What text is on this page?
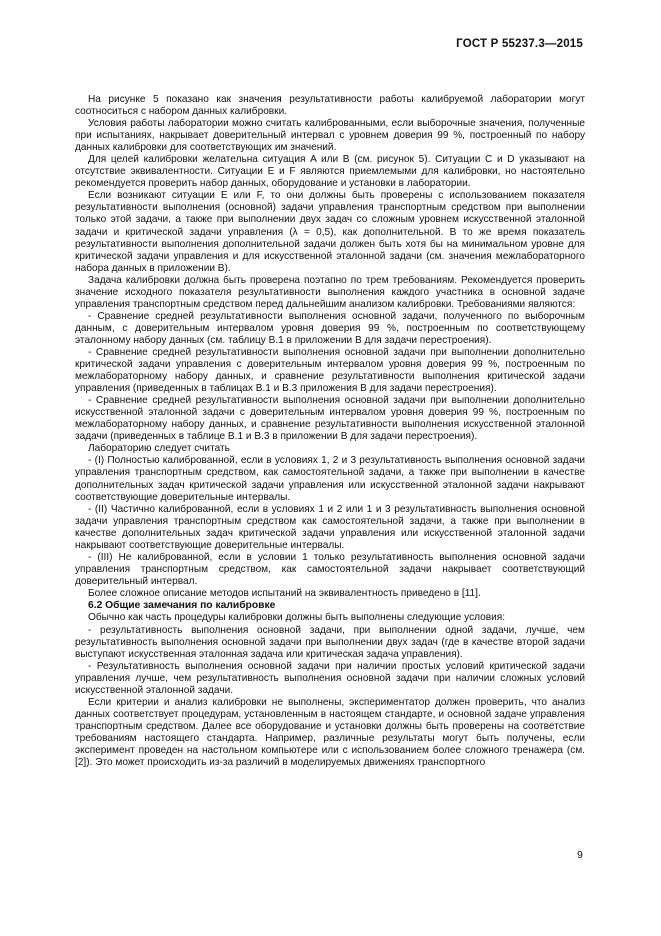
ГОСТ Р 55237.3—2015

На рисунке 5 показано как значения результативности работы калибруемой лаборатории могут соотноситься с набором данных калибровки.

Условия работы лаборатории можно считать калиброванными, если выборочные значения, полученные при испытаниях, накрывает доверительный интервал с уровнем доверия 99 %, построенный по набору данных калибровки для соответствующих им значений.

Для целей калибровки желательна ситуация A или B (см. рисунок 5). Ситуации C и D указывают на отсутствие эквивалентности. Ситуации E и F являются приемлемыми для калибровки, но настоятельно рекомендуется проверить набор данных, оборудование и установки в лаборатории.

Если возникают ситуации E или F, то они должны быть проверены с использованием показателя результативности выполнения (основной) задачи управления транспортным средством при выполнении только этой задачи, а также при выполнении двух задач со сложным уровнем искусственной эталонной задачи и критической задачи управления (λ = 0,5), как дополнительной. В то же время показатель результативности выполнения дополнительной задачи должен быть хотя бы на минимальном уровне для критической задачи управления и для искусственной эталонной задачи (см. значения межлабораторного набора данных в приложении B).

Задача калибровки должна быть проверена поэтапно по трем требованиям. Рекомендуется проверить значение исходного показателя результативности выполнения каждого участника в основной задаче управления транспортным средством перед дальнейшим анализом калибровки. Требованиями являются:

- Сравнение средней результативности выполнения основной задачи, полученного по выборочным данным, с доверительным интервалом уровня доверия 99 %, построенным по соответствующему эталонному набору данных (см. таблицу B.1 в приложении B для задачи перестроения).

- Сравнение средней результативности выполнения основной задачи при выполнении дополнительно критической задачи управления с доверительным интервалом уровня доверия 99 %, построенным по межлабораторному набору данных, и сравнение результативности выполнения критической задачи управления (приведенных в таблицах B.1 и B.3 приложения B для задачи перестроения).

- Сравнение средней результативности выполнения основной задачи при выполнении дополнительно искусственной эталонной задачи с доверительным интервалом уровня доверия 99 %, построенным по межлабораторному набору данных, и сравнение результативности выполнения искусственной эталонной задачи (приведенных в таблице B.1 и B.3 в приложении B для задачи перестроения).

Лабораторию следует считать

- (I) Полностью калиброванной, если в условиях 1, 2 и 3 результативность выполнения основной задачи управления транспортным средством, как самостоятельной задачи, а также при выполнении в качестве дополнительных задач критической задачи управления или искусственной эталонной задачи накрывают соответствующие доверительные интервалы.

- (II) Частично калиброванной, если в условиях 1 и 2 или 1 и 3 результативность выполнения основной задачи управления транспортным средством как самостоятельной задачи, а также при выполнении в качестве дополнительных задач критической задачи управления или искусственной эталонной задачи накрывают соответствующие доверительные интервалы.

- (III) Не калиброванной, если в условии 1 только результативность выполнения основной задачи управления транспортным средством, как самостоятельной задачи накрывает соответствующий доверительный интервал.

Более сложное описание методов испытаний на эквивалентность приведено в [11].

6.2 Общие замечания по калибровке

Обычно как часть процедуры калибровки должны быть выполнены следующие условия:

- результативность выполнения основной задачи, при выполнении одной задачи, лучше, чем результативность выполнения основной задачи при выполнении двух задач (где в качестве второй задачи выступают искусственная эталонная задача или критическая задача управления).

- Результативность выполнения основной задачи при наличии простых условий критической задачи управления лучше, чем результативность выполнения основной задачи при наличии сложных условий искусственной эталонной задачи.

Если критерии и анализ калибровки не выполнены, экспериментатор должен проверить, что анализ данных соответствует процедурам, установленным в настоящем стандарте, и основной задаче управления транспортным средством. Далее все оборудование и установки должны быть проверены на соответствие требованиям настоящего стандарта. Например, различные результаты могут быть получены, если эксперимент проведен на настольном компьютере или с использованием более сложного тренажера (см. [2]). Это может происходить из-за различий в моделируемых движениях транспортного

9
